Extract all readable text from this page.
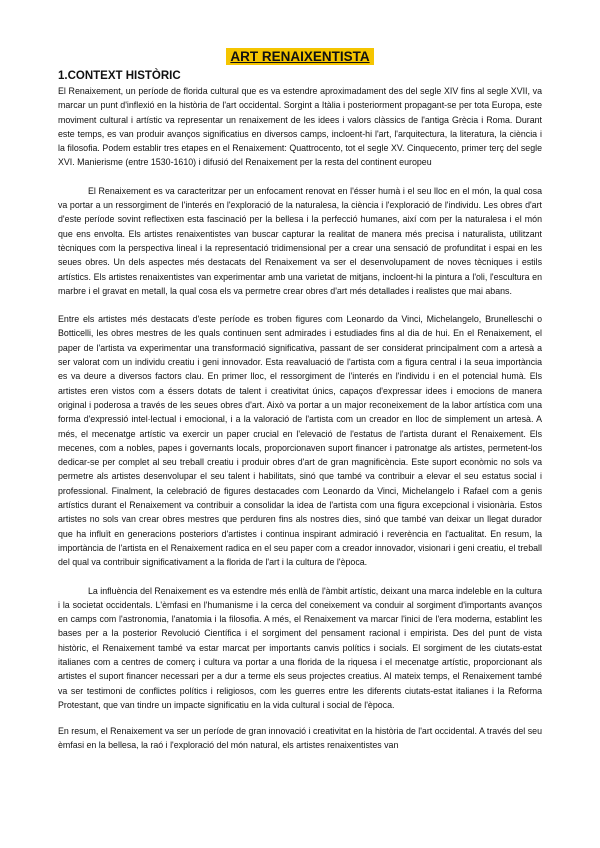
ART RENAIXENTISTA
1.CONTEXT HISTÒRIC

El Renaixement, un període de florida cultural que es va estendre aproximadament des del segle XIV fins al segle XVII, va marcar un punt d'inflexió en la història de l'art occidental. Sorgint a Itàlia i posteriorment propagant-se per tota Europa, este moviment cultural i artístic va representar un renaixement de les idees i valors clàssics de l'antiga Grècia i Roma. Durant este temps, es van produir avanços significatius en diversos camps, incloent-hi l'art, l'arquitectura, la literatura, la ciència i la filosofia. Podem establir tres etapes en el Renaixement: Quattrocento, tot el segle XV. Cinquecento, primer terç del segle XVI. Manierisme (entre 1530-1610) i difusió del Renaixement per la resta del continent europeu

El Renaixement es va caracteritzar per un enfocament renovat en l'ésser humà i el seu lloc en el món, la qual cosa va portar a un ressorgiment de l'interés en l'exploració de la naturalesa, la ciència i l'exploració de l'individu. Les obres d'art d'este període sovint reflectixen esta fascinació per la bellesa i la perfecció humanes, així com per la naturalesa i el món que ens envolta. Els artistes renaixentistes van buscar capturar la realitat de manera més precisa i naturalista, utilitzant tècniques com la perspectiva lineal i la representació tridimensional per a crear una sensació de profunditat i espai en les seues obres. Un dels aspectes més destacats del Renaixement va ser el desenvolupament de noves tècniques i estils artístics. Els artistes renaixentistes van experimentar amb una varietat de mitjans, incloent-hi la pintura a l'oli, l'escultura en marbre i el gravat en metall, la qual cosa els va permetre crear obres d'art més detallades i realistes que mai abans.

Entre els artistes més destacats d'este període es troben figures com Leonardo da Vinci, Michelangelo, Brunelleschi o Botticelli, les obres mestres de les quals continuen sent admirades i estudiades fins al dia de hui. En el Renaixement, el paper de l'artista va experimentar una transformació significativa, passant de ser considerat principalment com a artesà a ser valorat com un individu creatiu i geni innovador. Esta reavaluació de l'artista com a figura central i la seua importància es va deure a diversos factors clau. En primer lloc, el ressorgiment de l'interés en l'individu i en el potencial humà. Els artistes eren vistos com a éssers dotats de talent i creativitat únics, capaços d'expressar idees i emocions de manera original i poderosa a través de les seues obres d'art. Això va portar a un major reconeixement de la labor artística com una forma d'expressió intel·lectual i emocional, i a la valoració de l'artista com un creador en lloc de simplement un artesà. A més, el mecenatge artístic va exercir un paper crucial en l'elevació de l'estatus de l'artista durant el Renaixement. Els mecenes, com a nobles, papes i governants locals, proporcionaven suport financer i patronatge als artistes, permetent-los dedicar-se per complet al seu treball creatiu i produir obres d'art de gran magnificència. Este suport econòmic no sols va permetre als artistes desenvolupar el seu talent i habilitats, sinó que també va contribuir a elevar el seu estatus social i professional. Finalment, la celebració de figures destacades com Leonardo da Vinci, Michelangelo i Rafael com a genis artístics durant el Renaixement va contribuir a consolidar la idea de l'artista com una figura excepcional i visionària. Estos artistes no sols van crear obres mestres que perduren fins als nostres dies, sinó que també van deixar un llegat durador que ha influït en generacions posteriors d'artistes i continua inspirant admiració i reverència en l'actualitat. En resum, la importància de l'artista en el Renaixement radica en el seu paper com a creador innovador, visionari i geni creatiu, el treball del qual va contribuir significativament a la florida de l'art i la cultura de l'època.

La influència del Renaixement es va estendre més enllà de l'àmbit artístic, deixant una marca indeleble en la cultura i la societat occidentals. L'èmfasi en l'humanisme i la cerca del coneixement va conduir al sorgiment d'importants avanços en camps com l'astronomia, l'anatomia i la filosofia. A més, el Renaixement va marcar l'inici de l'era moderna, establint les bases per a la posterior Revolució Científica i el sorgiment del pensament racional i empirista. Des del punt de vista històric, el Renaixement també va estar marcat per importants canvis polítics i socials. El sorgiment de les ciutats-estat italianes com a centres de comerç i cultura va portar a una florida de la riquesa i el mecenatge artístic, proporcionant als artistes el suport financer necessari per a dur a terme els seus projectes creatius. Al mateix temps, el Renaixement també va ser testimoni de conflictes polítics i religiosos, com les guerres entre les diferents ciutats-estat italianes i la Reforma Protestant, que van tindre un impacte significatiu en la vida cultural i social de l'època.

En resum, el Renaixement va ser un període de gran innovació i creativitat en la història de l'art occidental. A través del seu èmfasi en la bellesa, la raó i l'exploració del món natural, els artistes renaixentistes van
